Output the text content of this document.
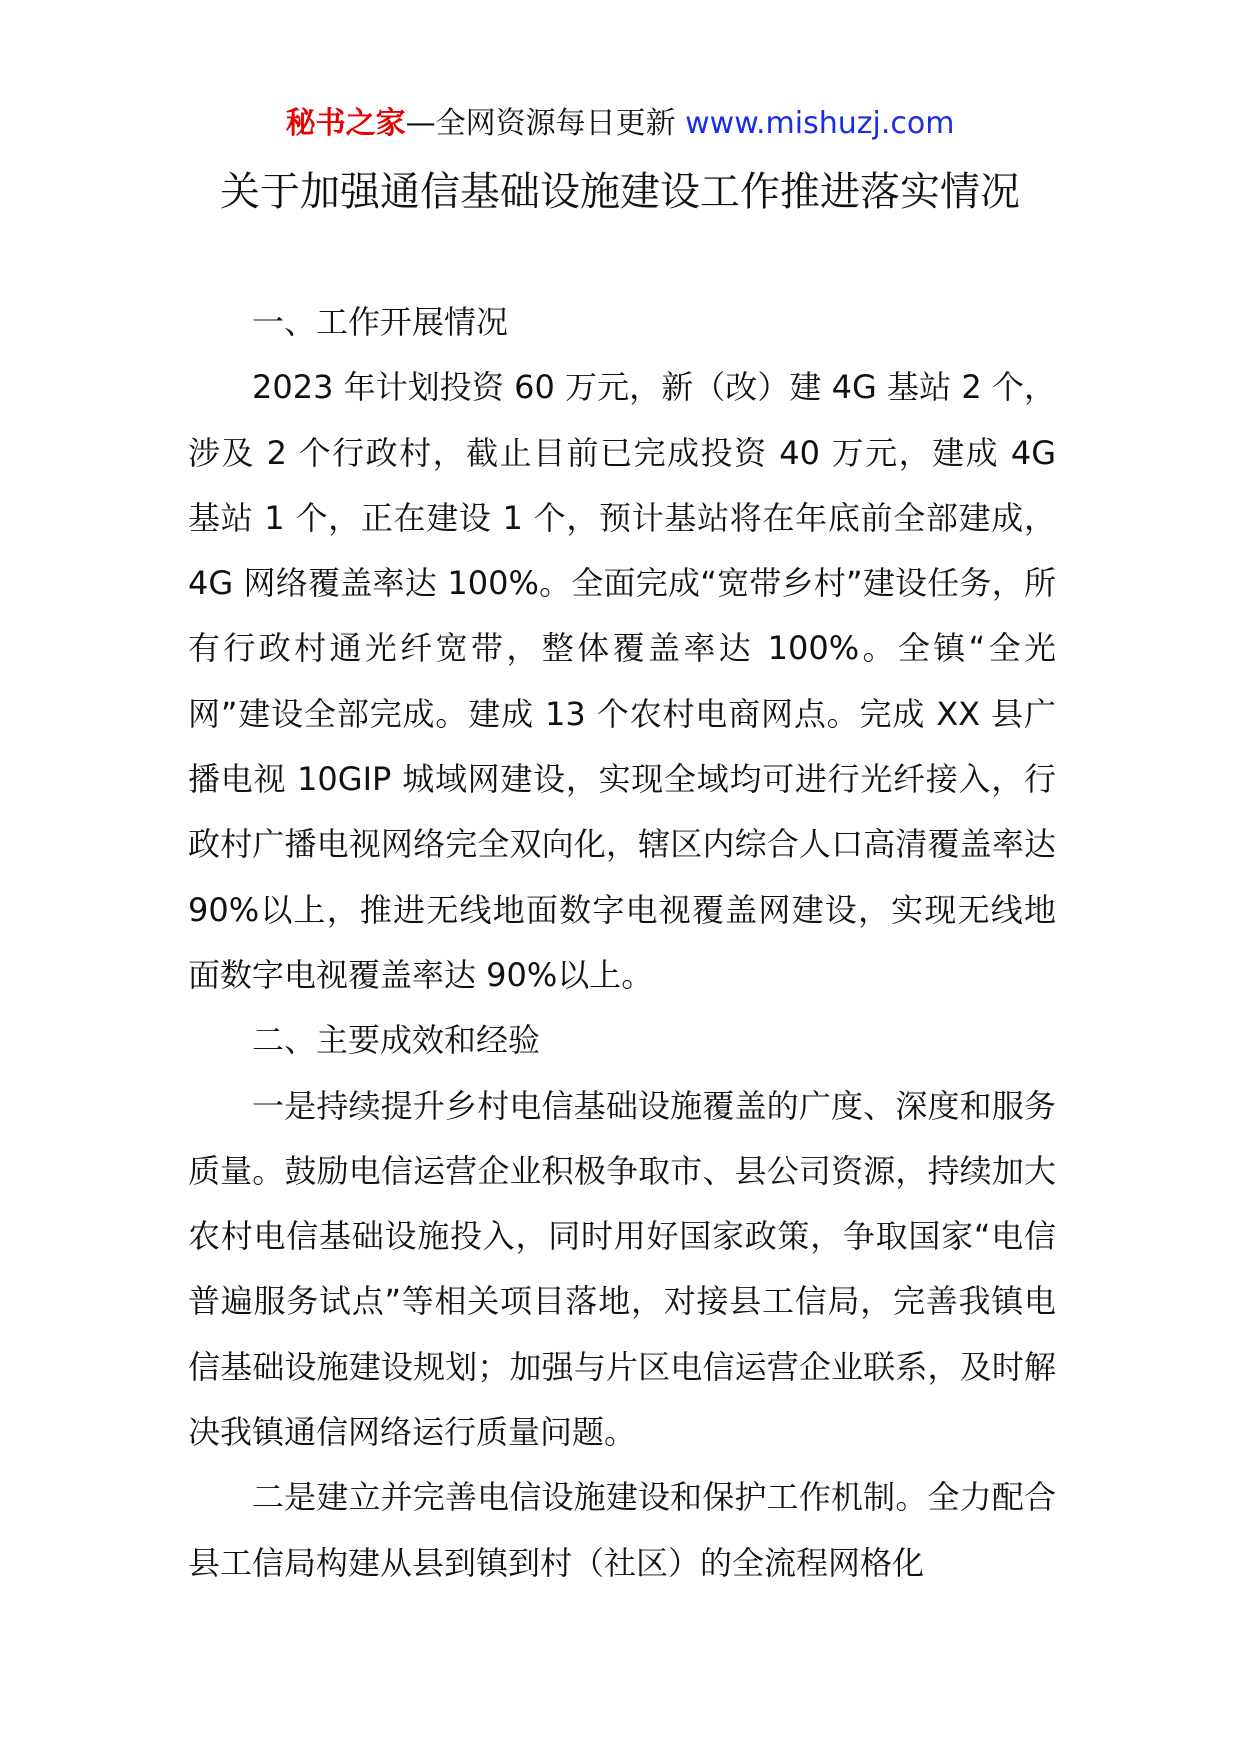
秘书之家—全网资源每日更新 www.mishuzj.com
关于加强通信基础设施建设工作推进落实情况

一、工作开展情况

2023 年计划投资 60 万元，新（改）建 4G 基站 2 个，涉及 2 个行政村，截止目前已完成投资 40 万元，建成 4G 基站 1 个，正在建设 1 个，预计基站将在年底前全部建成，4G 网络覆盖率达 100%。全面完成“宽带乡村”建设任务，所有行政村通光纤宽带，整体覆盖率达 100%。全镇“全光网”建设全部完成。建成 13 个农村电商网点。完成 XX 县广播电视 10GIP 城域网建设，实现全域均可进行光纤接入，行政村广播电视网络完全双向化，辖区内综合人口高清覆盖率达 90%以上，推进无线地面数字电视覆盖网建设，实现无线地面数字电视覆盖率达 90%以上。

二、主要成效和经验

一是持续提升乡村电信基础设施覆盖的广度、深度和服务质量。鼓励电信运营企业积极争取市、县公司资源，持续加大农村电信基础设施投入，同时用好国家政策，争取国家“电信普遍服务试点”等相关项目落地，对接县工信局，完善我镇电信基础设施建设规划；加强与片区电信运营企业联系，及时解决我镇通信网络运行质量问题。

二是建立并完善电信设施建设和保护工作机制。全力配合县工信局构建从县到镇到村（社区）的全流程网格化
